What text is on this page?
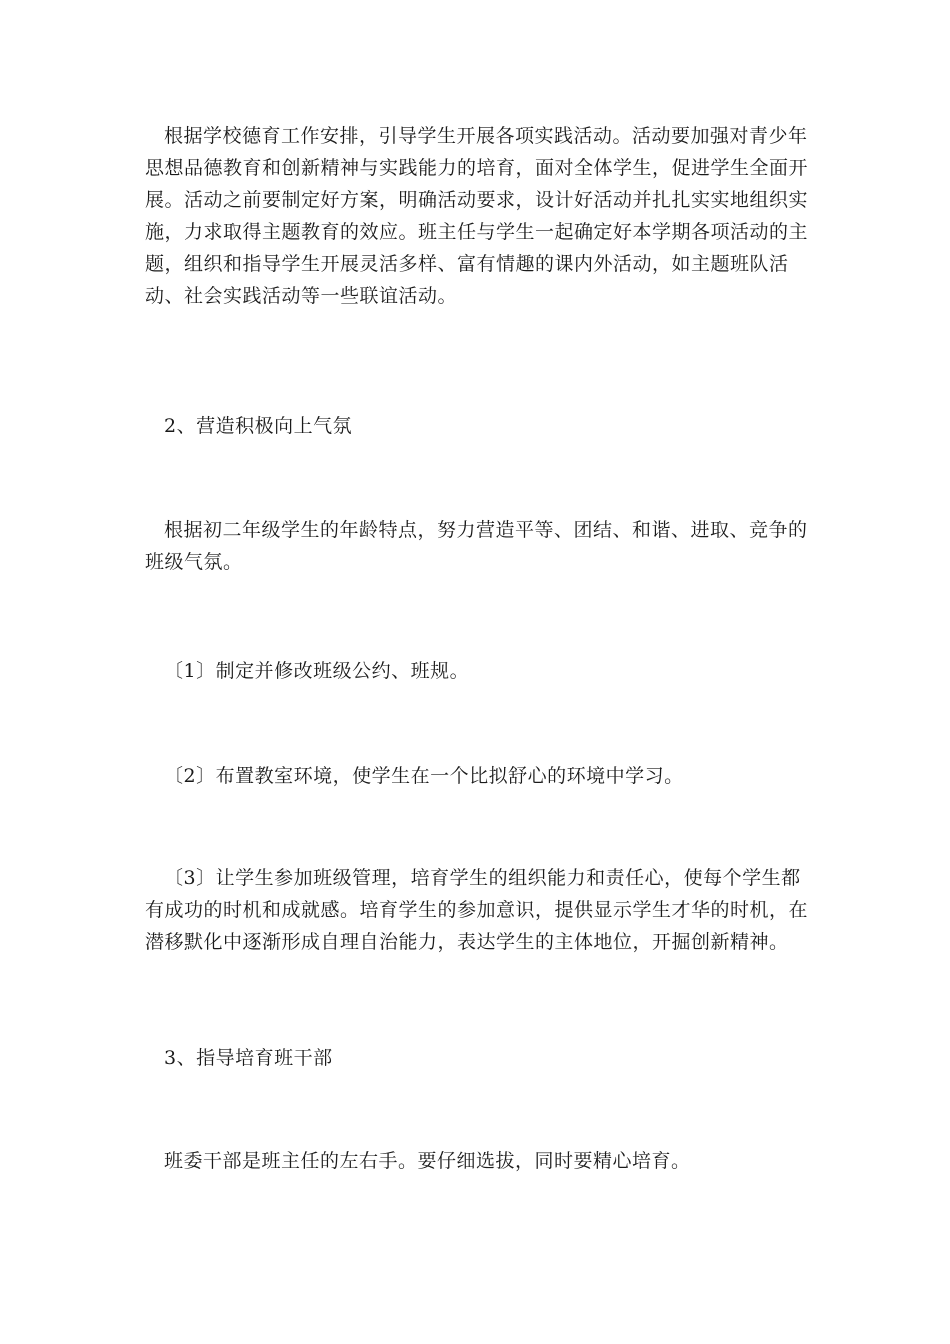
根据学校德育工作安排，引导学生开展各项实践活动。活动要加强对青少年思想品德教育和创新精神与实践能力的培育，面对全体学生，促进学生全面开展。活动之前要制定好方案，明确活动要求，设计好活动并扎扎实实地组织实施，力求取得主题教育的效应。班主任与学生一起确定好本学期各项活动的主题，组织和指导学生开展灵活多样、富有情趣的课内外活动，如主题班队活动、社会实践活动等一些联谊活动。

2、营造积极向上气氛

根据初二年级学生的年龄特点，努力营造平等、团结、和谐、进取、竞争的班级气氛。

〔1〕制定并修改班级公约、班规。

〔2〕布置教室环境，使学生在一个比拟舒心的环境中学习。

〔3〕让学生参加班级管理，培育学生的组织能力和责任心，使每个学生都有成功的时机和成就感。培育学生的参加意识，提供显示学生才华的时机，在潜移默化中逐渐形成自理自治能力，表达学生的主体地位，开掘创新精神。

3、指导培育班干部

班委干部是班主任的左右手。要仔细选拔，同时要精心培育。
